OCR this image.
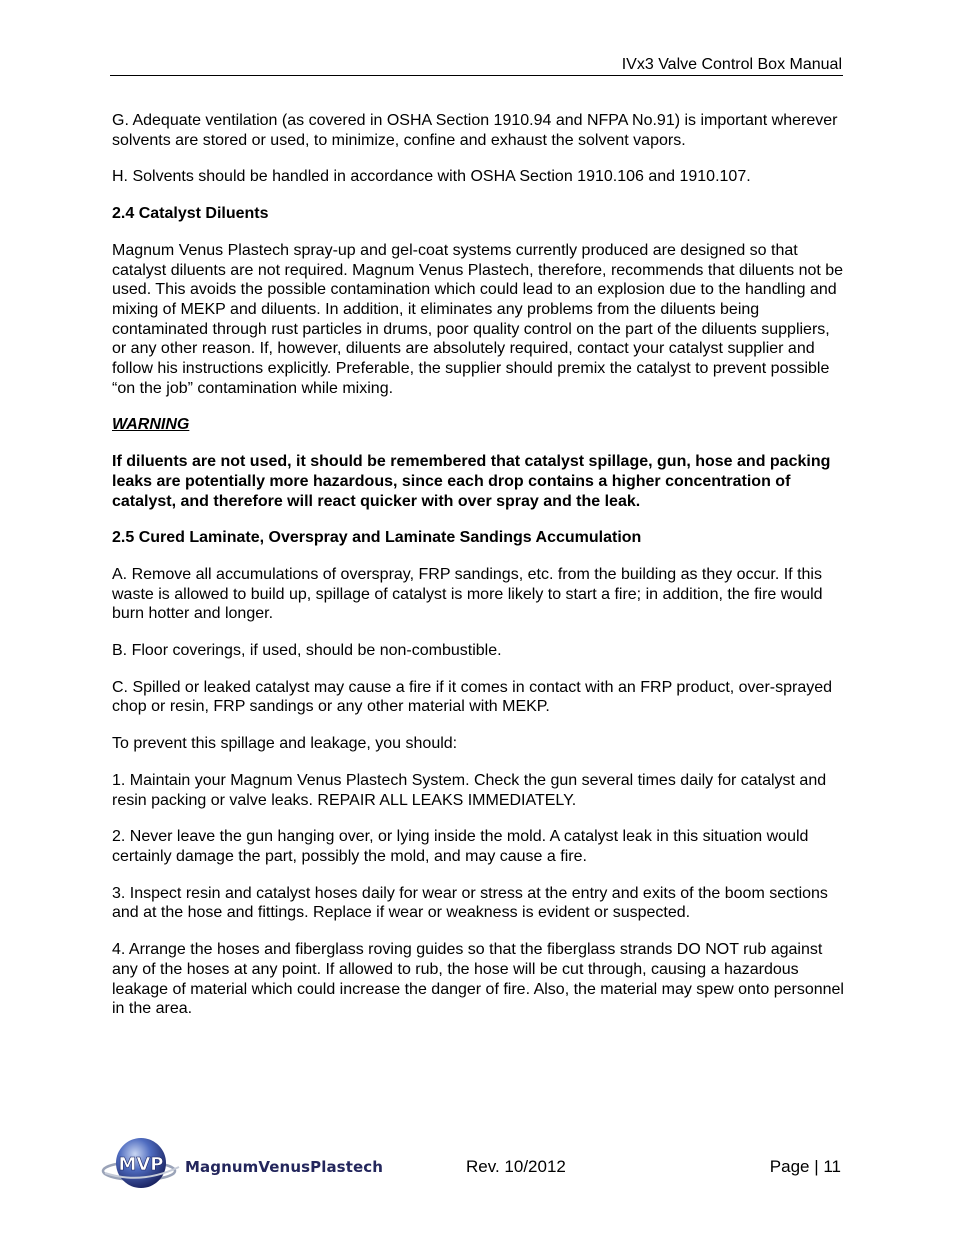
IVx3 Valve Control Box Manual

G. Adequate ventilation (as covered in OSHA Section 1910.94 and NFPA No.91) is important wherever solvents are stored or used, to minimize, confine and exhaust the solvent vapors.

H. Solvents should be handled in accordance with OSHA Section 1910.106 and 1910.107.

2.4 Catalyst Diluents

Magnum Venus Plastech spray-up and gel-coat systems currently produced are designed so that catalyst diluents are not required. Magnum Venus Plastech, therefore, recommends that diluents not be used. This avoids the possible contamination which could lead to an explosion due to the handling and mixing of MEKP and diluents. In addition, it eliminates any problems from the diluents being contaminated through rust particles in drums, poor quality control on the part of the diluents suppliers, or any other reason. If, however, diluents are absolutely required, contact your catalyst supplier and follow his instructions explicitly. Preferable, the supplier should premix the catalyst to prevent possible “on the job” contamination while mixing.

WARNING

If diluents are not used, it should be remembered that catalyst spillage, gun, hose and packing leaks are potentially more hazardous, since each drop contains a higher concentration of catalyst, and therefore will react quicker with over spray and the leak.

2.5 Cured Laminate, Overspray and Laminate Sandings Accumulation

A. Remove all accumulations of overspray, FRP sandings, etc. from the building as they occur. If this waste is allowed to build up, spillage of catalyst is more likely to start a fire; in addition, the fire would burn hotter and longer.

B. Floor coverings, if used, should be non-combustible.

C. Spilled or leaked catalyst may cause a fire if it comes in contact with an FRP product, over-sprayed chop or resin, FRP sandings or any other material with MEKP.

To prevent this spillage and leakage, you should:

1. Maintain your Magnum Venus Plastech System. Check the gun several times daily for catalyst and resin packing or valve leaks. REPAIR ALL LEAKS IMMEDIATELY.

2. Never leave the gun hanging over, or lying inside the mold. A catalyst leak in this situation would certainly damage the part, possibly the mold, and may cause a fire.

3. Inspect resin and catalyst hoses daily for wear or stress at the entry and exits of the boom sections and at the hose and fittings. Replace if wear or weakness is evident or suspected.

4. Arrange the hoses and fiberglass roving guides so that the fiberglass strands DO NOT rub against any of the hoses at any point. If allowed to rub, the hose will be cut through, causing a hazardous leakage of material which could increase the danger of fire. Also, the material may spew onto personnel in the area.

MVP MagnumVenusPlastech	Rev. 10/2012	Page | 11
